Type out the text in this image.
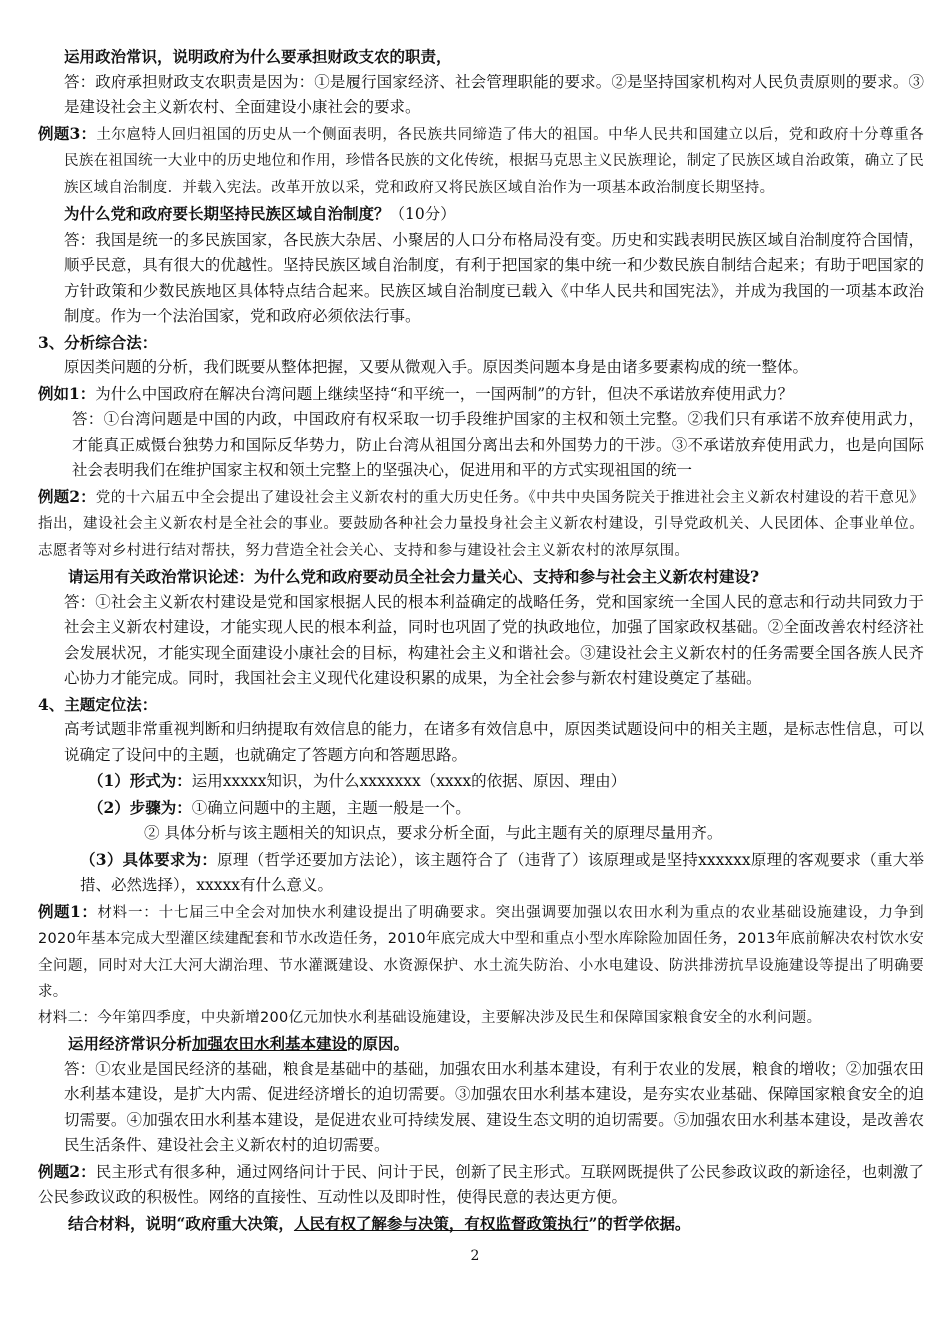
运用政治常识，说明政府为什么要承担财政支农的职责，

答：政府承担财政支农职责是因为：①是履行国家经济、社会管理职能的要求。②是坚持国家机构对人民负责原则的要求。③是建设社会主义新农村、全面建设小康社会的要求。

例题3：土尔扈特人回归祖国的历史从一个侧面表明，各民族共同缔造了伟大的祖国。中华人民共和国建立以后，党和政府十分尊重各民族在祖国统一大业中的历史地位和作用，珍惜各民族的文化传统，根据马克思主义民族理论，制定了民族区域自治政策，确立了民族区域自治制度．并载入宪法。改革开放以采，党和政府又将民族区域自治作为一项基本政治制度长期坚持。

为什么党和政府要长期坚持民族区域自治制度？（10分）

答：我国是统一的多民族国家，各民族大杂居、小聚居的人口分布格局没有变。历史和实践表明民族区域自治制度符合国情，顺乎民意，具有很大的优越性。坚持民族区域自治制度，有利于把国家的集中统一和少数民族自制结合起来；有助于吧国家的方针政策和少数民族地区具体特点结合起来。民族区域自治制度已载入《中华人民共和国宪法》，并成为我国的一项基本政治制度。作为一个法治国家，党和政府必须依法行事。

3、分析综合法：

原因类问题的分析，我们既要从整体把握，又要从微观入手。原因类问题本身是由诸多要素构成的统一整体。

例如1：为什么中国政府在解决台湾问题上继续坚持“和平统一，一国两制”的方针，但决不承诺放弃使用武力？

答：①台湾问题是中国的内政，中国政府有权采取一切手段维护国家的主权和领土完整。②我们只有承诺不放弃使用武力，才能真正威慑台独势力和国际反华势力，防止台湾从祖国分离出去和外国势力的干涉。③不承诺放弃使用武力，也是向国际社会表明我们在维护国家主权和领土完整上的坚强决心，促进用和平的方式实现祖国的统一

例题2：党的十六届五中全会提出了建设社会主义新农村的重大历史任务。《中共中央国务院关于推进社会主义新农村建设的若干意见》指出，建设社会主义新农村是全社会的事业。要鼓励各种社会力量投身社会主义新农村建设，引导党政机关、人民团体、企事业单位。志愿者等对乡村进行结对帮扶，努力营造全社会关心、支持和参与建设社会主义新农村的浓厚氛围。

请运用有关政治常识论述：为什么党和政府要动员全社会力量关心、支持和参与社会主义新农村建设?

答：①社会主义新农村建设是党和国家根据人民的根本利益确定的战略任务，党和国家统一全国人民的意志和行动共同致力于社会主义新农村建设，才能实现人民的根本利益，同时也巩固了党的执政地位，加强了国家政权基础。②全面改善农村经济社会发展状况，才能实现全面建设小康社会的目标，构建社会主义和谐社会。③建设社会主义新农村的任务需要全国各族人民齐心协力才能完成。同时，我国社会主义现代化建设积累的成果，为全社会参与新农村建设奠定了基础。

4、主题定位法：

高考试题非常重视判断和归纳提取有效信息的能力，在诸多有效信息中，原因类试题设问中的相关主题，是标志性信息，可以说确定了设问中的主题，也就确定了答题方向和答题思路。

（1）形式为：运用xxxxx知识，为什么xxxxxxx（xxxx的依据、原因、理由）

（2）步骤为：①确立问题中的主题，主题一般是一个。

② 具体分析与该主题相关的知识点，要求分析全面，与此主题有关的原理尽量用齐。

（3）具体要求为：原理（哲学还要加方法论），该主题符合了（违背了）该原理或是坚持xxxxxx原理的客观要求（重大举措、必然选择），xxxxx有什么意义。

例题1：材料一：十七届三中全会对加快水利建设提出了明确要求。突出强调要加强以农田水利为重点的农业基础设施建设，力争到2020年基本完成大型灌区续建配套和节水改造任务，2010年底完成大中型和重点小型水库除险加固任务，2013年底前解决农村饮水安全问题，同时对大江大河大湖治理、节水灌溉建设、水资源保护、水土流失防治、小水电建设、防洪排涝抗旱设施建设等提出了明确要求。

材料二：今年第四季度，中央新增200亿元加快水利基础设施建设，主要解决涉及民生和保障国家粮食安全的水利问题。

运用经济常识分析加强农田水利基本建设的原因。

答：①农业是国民经济的基础，粮食是基础中的基础，加强农田水利基本建设，有利于农业的发展，粮食的增收；②加强农田水利基本建设，是扩大内需、促进经济增长的迫切需要。③加强农田水利基本建设，是夯实农业基础、保障国家粮食安全的迫切需要。④加强农田水利基本建设，是促进农业可持续发展、建设生态文明的迫切需要。⑤加强农田水利基本建设，是改善农民生活条件、建设社会主义新农村的迫切需要。

例题2：民主形式有很多种，通过网络问计于民、问计于民，创新了民主形式。互联网既提供了公民参政议政的新途径，也刺激了公民参政议政的积极性。网络的直接性、互动性以及即时性，使得民意的表达更方便。

结合材料，说明“政府重大决策，人民有权了解参与决策，有权监督政策执行”的哲学依据。

2
